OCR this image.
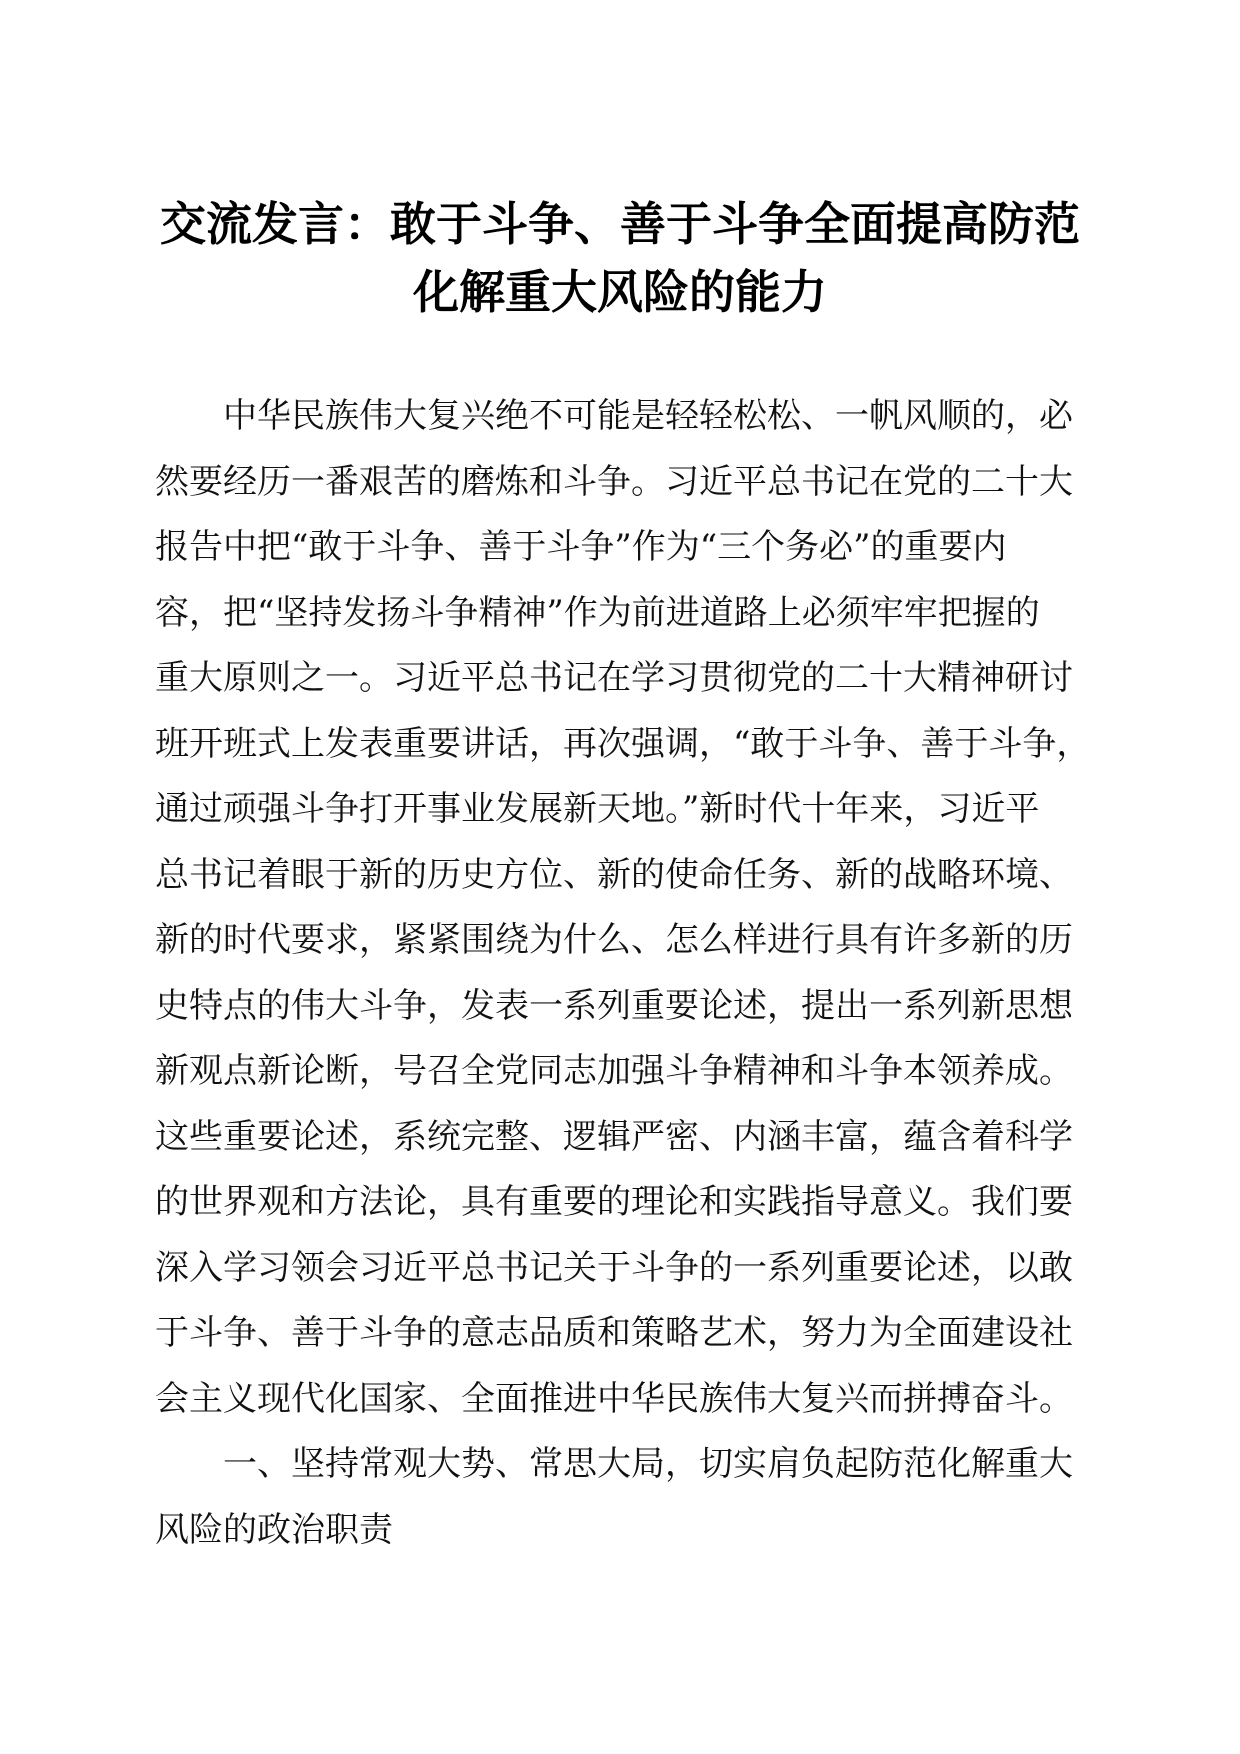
交流发言：敢于斗争、善于斗争全面提高防范
化解重大风险的能力

中华民族伟大复兴绝不可能是轻轻松松、一帆风顺的，必
然要经历一番艰苦的磨炼和斗争。习近平总书记在党的二十大
报告中把“敢于斗争、善于斗争”作为“三个务必”的重要内
容，把“坚持发扬斗争精神”作为前进道路上必须牢牢把握的
重大原则之一。习近平总书记在学习贯彻党的二十大精神研讨
班开班式上发表重要讲话，再次强调，“敢于斗争、善于斗争，
通过顽强斗争打开事业发展新天地。”新时代十年来，习近平
总书记着眼于新的历史方位、新的使命任务、新的战略环境、
新的时代要求，紧紧围绕为什么、怎么样进行具有许多新的历
史特点的伟大斗争，发表一系列重要论述，提出一系列新思想
新观点新论断，号召全党同志加强斗争精神和斗争本领养成。
这些重要论述，系统完整、逻辑严密、内涵丰富，蕴含着科学
的世界观和方法论，具有重要的理论和实践指导意义。我们要
深入学习领会习近平总书记关于斗争的一系列重要论述，以敢
于斗争、善于斗争的意志品质和策略艺术，努力为全面建设社
会主义现代化国家、全面推进中华民族伟大复兴而拼搏奋斗。

一、坚持常观大势、常思大局，切实肩负起防范化解重大
风险的政治职责
